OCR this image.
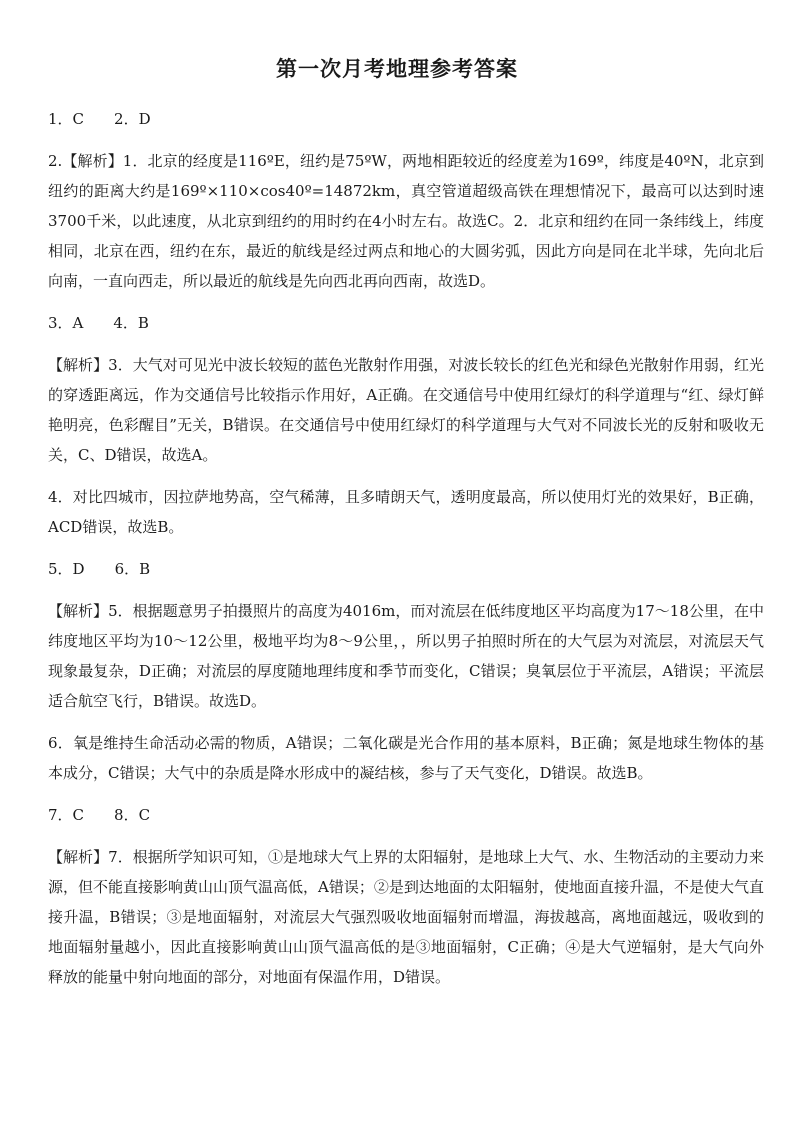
第一次月考地理参考答案

1．C　　2．D

2.【解析】1．北京的经度是116ºE，纽约是75ºW，两地相距较近的经度差为169º，纬度是40ºN，北京到纽约的距离大约是169º×110×cos40º=14872km，真空管道超级高铁在理想情况下，最高可以达到时速3700千米，以此速度，从北京到纽约的用时约在4小时左右。故选C。2．北京和纽约在同一条纬线上，纬度相同，北京在西，纽约在东，最近的航线是经过两点和地心的大圆劣弧，因此方向是同在北半球，先向北后向南，一直向西走，所以最近的航线是先向西北再向西南，故选D。

3．A　　4．B

【解析】3．大气对可见光中波长较短的蓝色光散射作用强，对波长较长的红色光和绿色光散射作用弱，红光的穿透距离远，作为交通信号比较指示作用好，A正确。在交通信号中使用红绿灯的科学道理与“红、绿灯鲜艳明亮，色彩醒目”无关，B错误。在交通信号中使用红绿灯的科学道理与大气对不同波长光的反射和吸收无关，C、D错误，故选A。

4．对比四城市，因拉萨地势高，空气稀薄，且多晴朗天气，透明度最高，所以使用灯光的效果好，B正确，ACD错误，故选B。

5．D　　6．B

【解析】5．根据题意男子拍摄照片的高度为4016m，而对流层在低纬度地区平均高度为17～18公里，在中纬度地区平均为10～12公里，极地平均为8～9公里，，所以男子拍照时所在的大气层为对流层，对流层天气现象最复杂，D正确；对流层的厚度随地理纬度和季节而变化，C错误；臭氧层位于平流层，A错误；平流层适合航空飞行，B错误。故选D。

6．氧是维持生命活动必需的物质，A错误；二氧化碳是光合作用的基本原料，B正确；氮是地球生物体的基本成分，C错误；大气中的杂质是降水形成中的凝结核，参与了天气变化，D错误。故选B。

7．C　　8．C

【解析】7．根据所学知识可知，①是地球大气上界的太阳辐射，是地球上大气、水、生物活动的主要动力来源，但不能直接影响黄山山顶气温高低，A错误；②是到达地面的太阳辐射，使地面直接升温，不是使大气直接升温，B错误；③是地面辐射，对流层大气强烈吸收地面辐射而增温，海拔越高，离地面越远，吸收到的地面辐射量越小，因此直接影响黄山山顶气温高低的是③地面辐射，C正确；④是大气逆辐射，是大气向外释放的能量中射向地面的部分，对地面有保温作用，D错误。
